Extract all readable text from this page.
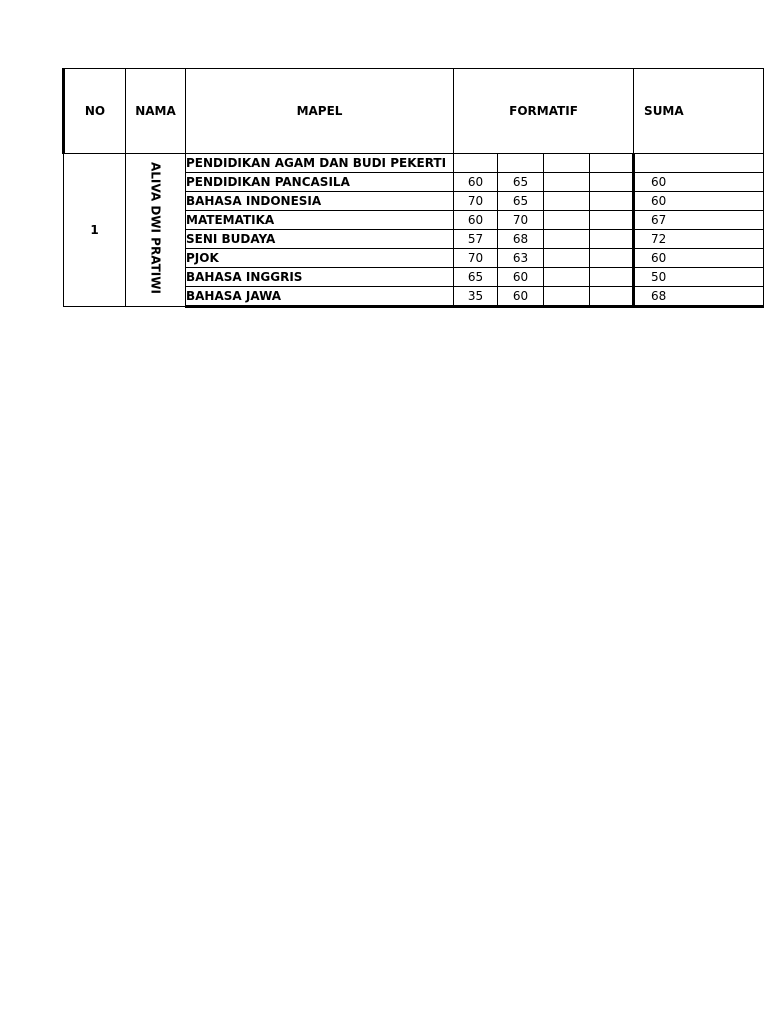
NO	NAMA	MAPEL	FORMATIF				SUMA
1	ALIVA DWI PRATIWI	PENDIDIKAN AGAM DAN BUDI PEKERTI					
		PENDIDIKAN PANCASILA	60	65			60
		BAHASA INDONESIA	70	65			60
		MATEMATIKA	60	70			67
		SENI BUDAYA	57	68			72
		PJOK	70	63			60
		BAHASA INGGRIS	65	60			50
		BAHASA JAWA	35	60			68
